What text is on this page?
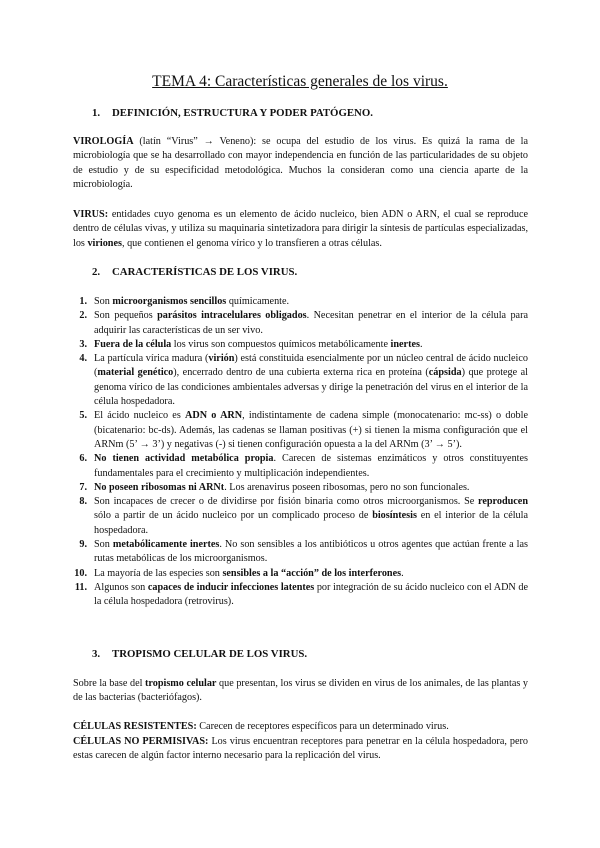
TEMA 4: Características generales de los virus.
1. DEFINICIÓN, ESTRUCTURA Y PODER PATÓGENO.
VIROLOGÍA (latín “Virus” → Veneno): se ocupa del estudio de los virus. Es quizá la rama de la microbiología que se ha desarrollado con mayor independencia en función de las particularidades de su objeto de estudio y de su especificidad metodológica. Muchos la consideran como una ciencia aparte de la microbiología.
VIRUS: entidades cuyo genoma es un elemento de ácido nucleico, bien ADN o ARN, el cual se reproduce dentro de células vivas, y utiliza su maquinaria sintetizadora para dirigir la síntesis de partículas especializadas, los viriones, que contienen el genoma vírico y lo transfieren a otras células.
2. CARACTERÍSTICAS DE LOS VIRUS.
1. Son microorganismos sencillos químicamente.
2. Son pequeños parásitos intracelulares obligados. Necesitan penetrar en el interior de la célula para adquirir las características de un ser vivo.
3. Fuera de la célula los virus son compuestos químicos metabólicamente inertes.
4. La partícula vírica madura (virión) está constituida esencialmente por un núcleo central de ácido nucleico (material genético), encerrado dentro de una cubierta externa rica en proteína (cápsida) que protege al genoma vírico de las condiciones ambientales adversas y dirige la penetración del virus en el interior de la célula hospedadora.
5. El ácido nucleico es ADN o ARN, indistintamente de cadena simple (monocatenario: mc-ss) o doble (bicatenario: bc-ds). Además, las cadenas se llaman positivas (+) si tienen la misma configuración que el ARNm (5’ → 3’) y negativas (-) si tienen configuración opuesta a la del ARNm (3’ → 5’).
6. No tienen actividad metabólica propia. Carecen de sistemas enzimáticos y otros constituyentes fundamentales para el crecimiento y multiplicación independientes.
7. No poseen ribosomas ni ARNt. Los arenavirus poseen ribosomas, pero no son funcionales.
8. Son incapaces de crecer o de dividirse por fisión binaria como otros microorganismos. Se reproducen sólo a partir de un ácido nucleico por un complicado proceso de biosíntesis en el interior de la célula hospedadora.
9. Son metabólicamente inertes. No son sensibles a los antibióticos u otros agentes que actúan frente a las rutas metabólicas de los microorganismos.
10. La mayoría de las especies son sensibles a la “acción” de los interferones.
11. Algunos son capaces de inducir infecciones latentes por integración de su ácido nucleico con el ADN de la célula hospedadora (retrovirus).
3. TROPISMO CELULAR DE LOS VIRUS.
Sobre la base del tropismo celular que presentan, los virus se dividen en virus de los animales, de las plantas y de las bacterias (bacteriófagos).
CÉLULAS RESISTENTES: Carecen de receptores específicos para un determinado virus.
CÉLULAS NO PERMISIVAS: Los virus encuentran receptores para penetrar en la célula hospedadora, pero estas carecen de algún factor interno necesario para la replicación del virus.
